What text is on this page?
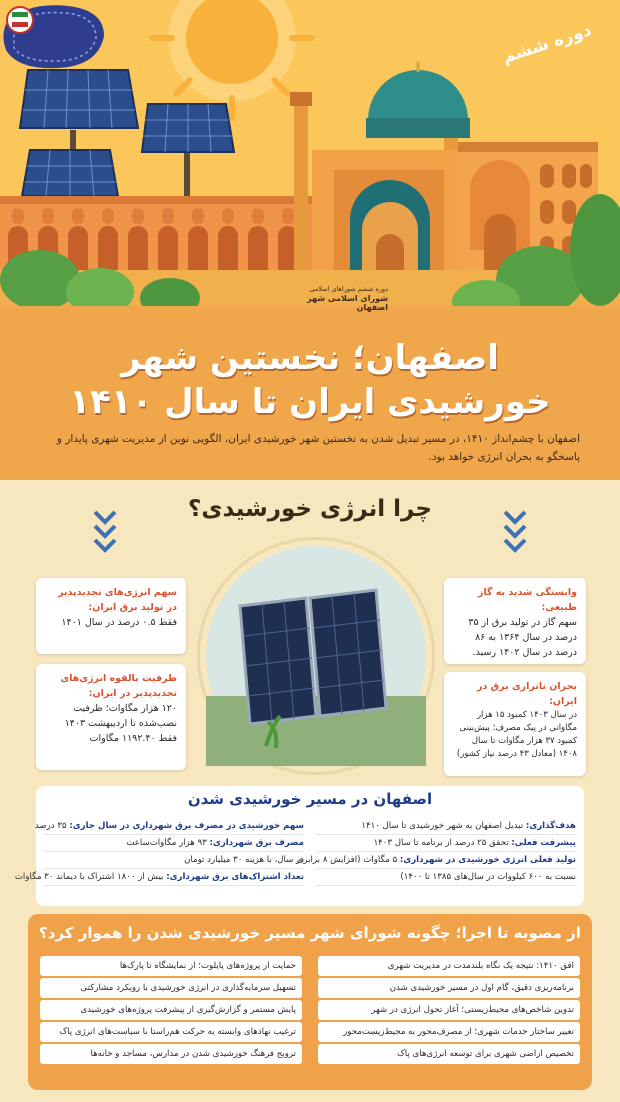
دوره ششم
دوره ششم شوراهای اسلامی
شورای اسلامی شهر اصفهان
اصفهان؛ نخستین شهر
خورشیدی ایران تا سال ۱۴۱۰
اصفهان با چشم‌انداز ۱۴۱۰، در مسیر تبدیل شدن به نخستین شهر خورشیدی ایران، الگویی نوین از مدیریت شهری پایدار و پاسخگو به بحران انرژی خواهد بود.
چرا انرژی خورشیدی؟
سهم انرژی‌های تجدیدپذیر در تولید برق ایران:
فقط ۰.۵ درصد در سال ۱۴۰۱
ظرفیت بالقوه انرژی‌های تجدیدپذیر در ایران:
۱۲۰ هزار مگاوات؛ ظرفیت نصب‌شده تا اردیبهشت ۱۴۰۳ فقط ۱۱۹۲.۴۰ مگاوات
وابستگی شدید به گاز طبیعی:
سهم گاز در تولید برق از ۳۵ درصد در سال ۱۳۶۴ به ۸۶ درصد در سال ۱۴۰۲ رسید.
بحران ناترازی برق در ایران:
در سال ۱۴۰۳ کمبود ۱۵ هزار مگاواتی در پیک مصرف؛ پیش‌بینی کمبود ۳۷ هزار مگاوات تا سال ۱۴۰۸ (معادل ۴۳ درصد نیاز کشور)
اصفهان در مسیر خورشیدی شدن
هدف‌گذاری: تبدیل اصفهان به شهر خورشیدی تا سال ۱۴۱۰
پیشرفت فعلی: تحقق ۲۵ درصد از برنامه تا سال ۱۴۰۳
تولید فعلی انرژی خورشیدی در شهرداری: ۵ مگاوات (افزایش ۸ برابری
نسبت به ۶۰۰ کیلووات در سال‌های ۱۳۸۵ تا ۱۴۰۰)
سهم خورشیدی در مصرف برق شهرداری در سال جاری: ۳۵ درصد
مصرف برق شهرداری: ۹۳ هزار مگاوات‌ساعت
در سال، با هزینه ۳۰ میلیارد تومان
تعداد اشتراک‌های برق شهرداری: بیش از ۱۸۰۰ اشتراک با دیماند ۳۰ مگاوات
از مصوبه تا اجرا؛ چگونه شورای شهر مسیر خورشیدی شدن را هموار کرد؟
افق ۱۴۱۰: نتیجه یک نگاه بلندمدت در مدیریت شهری
برنامه‌ریزی دقیق، گام اول در مسیر خورشیدی شدن
تدوین شاخص‌های محیط‌زیستی؛ آغاز تحول انرژی در شهر
تغییر ساختار خدمات شهری؛ از مصرف‌محور به محیط‌زیست‌محور
تخصیص اراضی شهری برای توسعه انرژی‌های پاک
حمایت از پروژه‌های پایلوت؛ از نمایشگاه تا پارک‌ها
تسهیل سرمایه‌گذاری در انرژی خورشیدی با رویکرد مشارکتی
پایش مستمر و گزارش‌گیری از پیشرفت پروژه‌های خورشیدی
ترغیب نهادهای وابسته به حرکت هم‌راستا با سیاست‌های انرژی پاک
ترویج فرهنگ خورشیدی شدن در مدارس، مساجد و خانه‌ها
